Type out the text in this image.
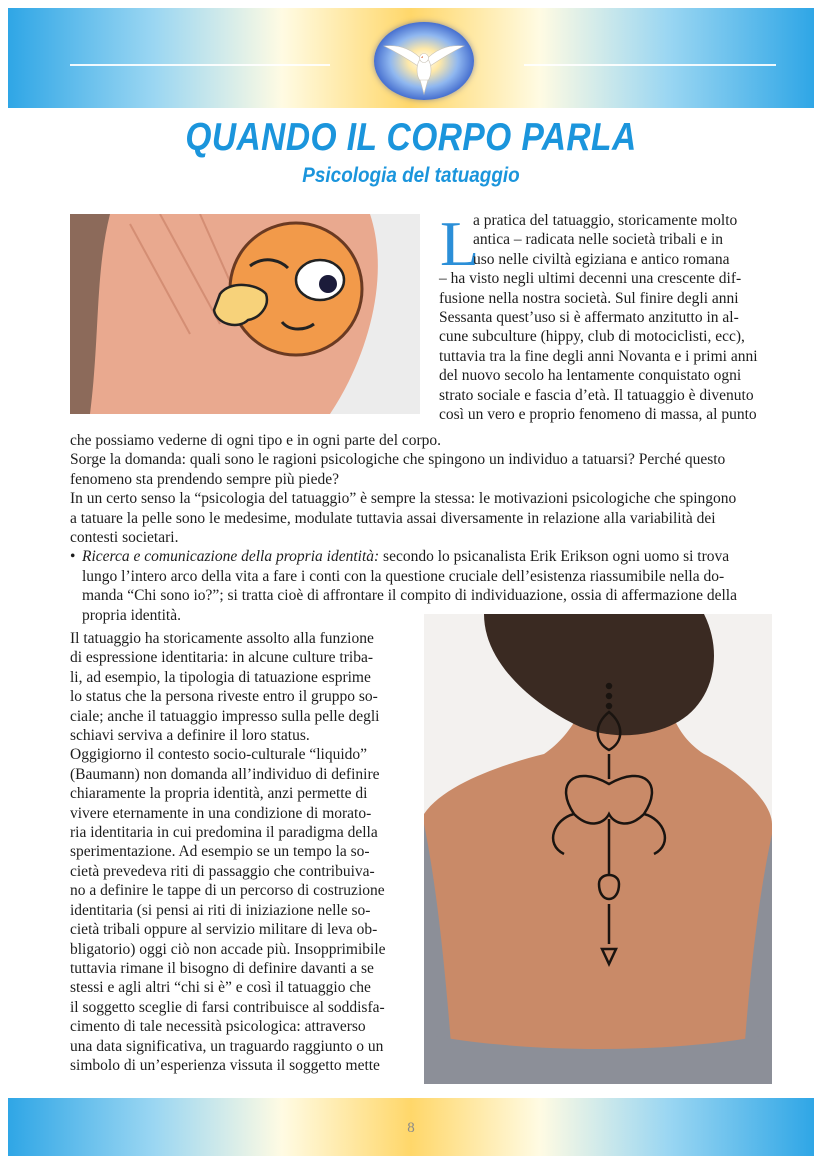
QUANDO IL CORPO PARLA
Psicologia del tatuaggio
L
a pratica del tatuaggio, storicamente molto
antica – radicata nelle società tribali e in
uso nelle civiltà egiziana e antico romana
– ha visto negli ultimi decenni una crescente dif-
fusione nella nostra società. Sul finire degli anni
Sessanta quest’uso si è affermato anzitutto in al-
cune subculture (hippy, club di motociclisti, ecc),
tuttavia tra la fine degli anni Novanta e i primi anni
del nuovo secolo ha lentamente conquistato ogni
strato sociale e fascia d’età. Il tatuaggio è divenuto
così un vero e proprio fenomeno di massa, al punto
che possiamo vederne di ogni tipo e in ogni parte del corpo.
Sorge la domanda: quali sono le ragioni psicologiche che spingono un individuo a tatuarsi? Perché questo
fenomeno sta prendendo sempre più piede?
In un certo senso la “psicologia del tatuaggio” è sempre la stessa: le motivazioni psicologiche che spingono
a tatuare la pelle sono le medesime, modulate tuttavia assai diversamente in relazione alla variabilità dei
contesti societari.
• Ricerca e comunicazione della propria identità: secondo lo psicanalista Erik Erikson ogni uomo si trova
lungo l’intero arco della vita a fare i conti con la questione cruciale dell’esistenza riassumibile nella do-
manda “Chi sono io?”; si tratta cioè di affrontare il compito di individuazione, ossia di affermazione della
propria identità.
Il tatuaggio ha storicamente assolto alla funzione
di espressione identitaria: in alcune culture triba-
li, ad esempio, la tipologia di tatuazione esprime
lo status che la persona riveste entro il gruppo so-
ciale; anche il tatuaggio impresso sulla pelle degli
schiavi serviva a definire il loro status.
Oggigiorno il contesto socio-culturale “liquido”
(Baumann) non domanda all’individuo di definire
chiaramente la propria identità, anzi permette di
vivere eternamente in una condizione di morato-
ria identitaria in cui predomina il paradigma della
sperimentazione. Ad esempio se un tempo la so-
cietà prevedeva riti di passaggio che contribuiva-
no a definire le tappe di un percorso di costruzione
identitaria (si pensi ai riti di iniziazione nelle so-
cietà tribali oppure al servizio militare di leva ob-
bligatorio) oggi ciò non accade più. Insopprimibile
tuttavia rimane il bisogno di definire davanti a se
stessi e agli altri “chi si è” e così il tatuaggio che
il soggetto sceglie di farsi contribuisce al soddisfa-
cimento di tale necessità psicologica: attraverso
una data significativa, un traguardo raggiunto o un
simbolo di un’esperienza vissuta il soggetto mette
8
